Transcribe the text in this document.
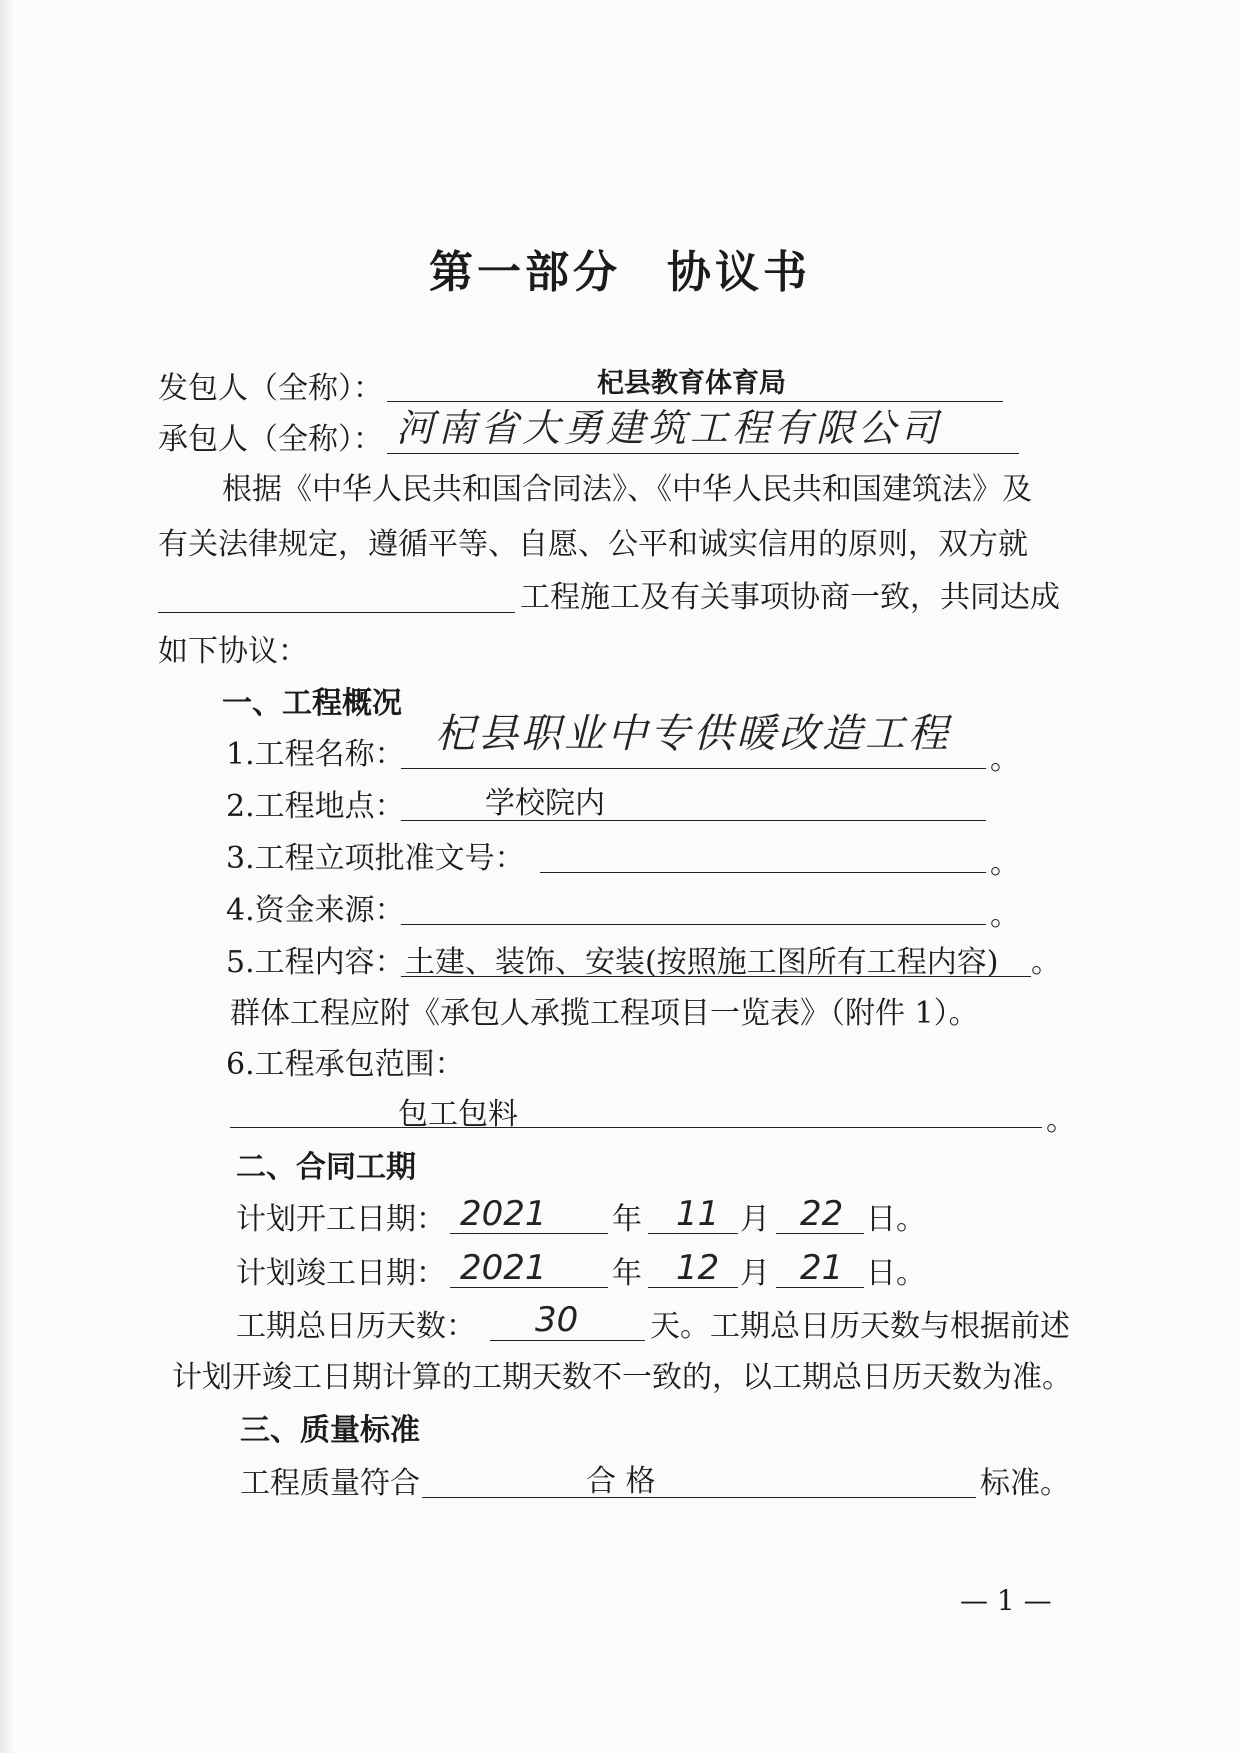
第一部分 协议书
发包人（全称）：	杞县教育体育局
承包人（全称）： 河南省大勇建筑工程有限公司
根据《中华人民共和国合同法》、《中华人民共和国建筑法》及
有关法律规定，遵循平等、自愿、公平和诚实信用的原则，双方就
工程施工及有关事项协商一致，共同达成
如下协议：
一、工程概况
1.工程名称： 杞县职业中专供暖改造工程
。
2.工程地点：	学校院内
3.工程立项批准文号：	。
4.资金来源：	。
5.工程内容： 土建、装饰、安装(按照施工图所有工程内容) 。
群体工程应附《承包人承揽工程项目一览表》（附件 1）。
6.工程承包范围：
包工包料	。
二、合同工期
计划开工日期： 2021 年 11 月 22 日。
计划竣工日期： 2021 年 12 月 21 日。
工期总日历天数： 30 天。工期总日历天数与根据前述
计划开竣工日期计算的工期天数不一致的，以工期总日历天数为准。
三、质量标准
工程质量符合	合 格	标准。
— 1 —
